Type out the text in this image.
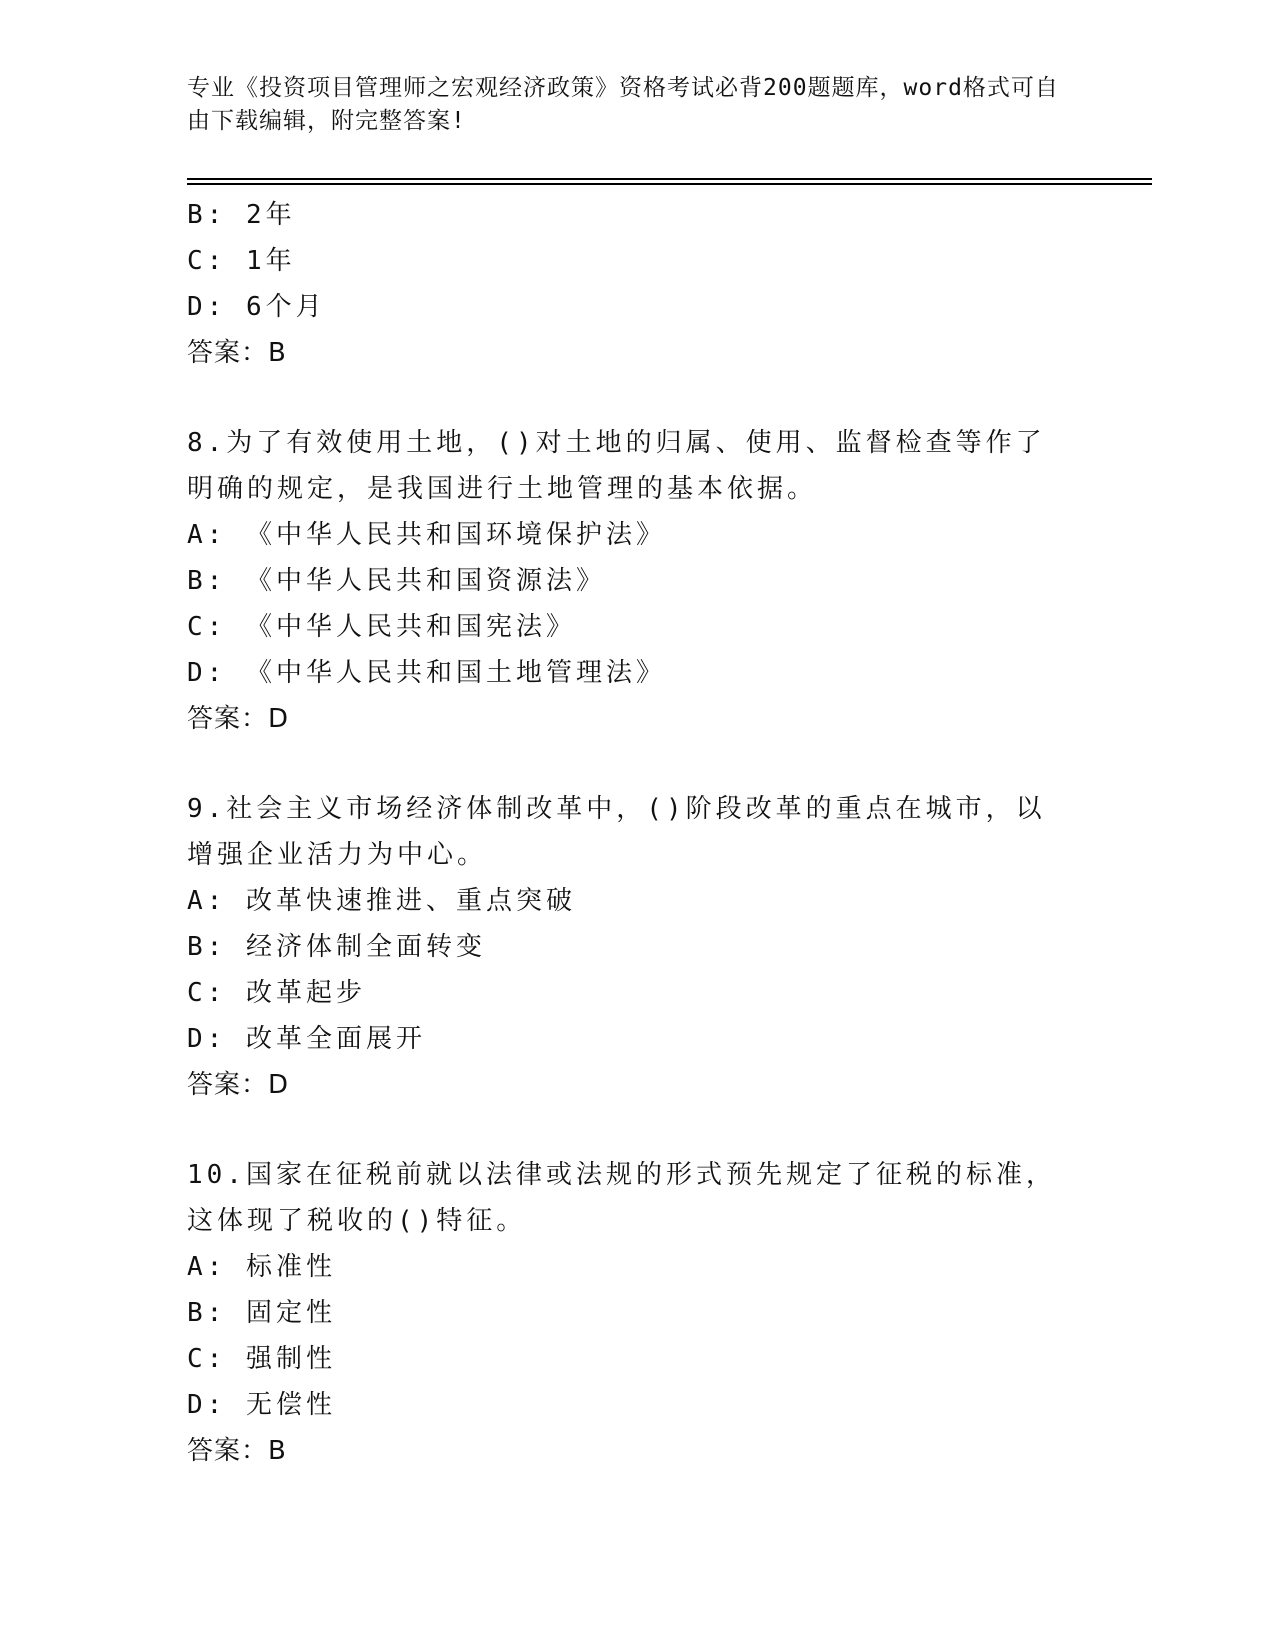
专业《投资项目管理师之宏观经济政策》资格考试必背200题题库，word格式可自由下载编辑，附完整答案!
B: 2年
C: 1年
D: 6个月
答案：B
8.为了有效使用土地，()对土地的归属、使用、监督检查等作了明确的规定，是我国进行土地管理的基本依据。
A: 《中华人民共和国环境保护法》
B: 《中华人民共和国资源法》
C: 《中华人民共和国宪法》
D: 《中华人民共和国土地管理法》
答案：D
9.社会主义市场经济体制改革中，()阶段改革的重点在城市，以增强企业活力为中心。
A: 改革快速推进、重点突破
B: 经济体制全面转变
C: 改革起步
D: 改革全面展开
答案：D
10.国家在征税前就以法律或法规的形式预先规定了征税的标准，这体现了税收的()特征。
A: 标准性
B: 固定性
C: 强制性
D: 无偿性
答案：B
